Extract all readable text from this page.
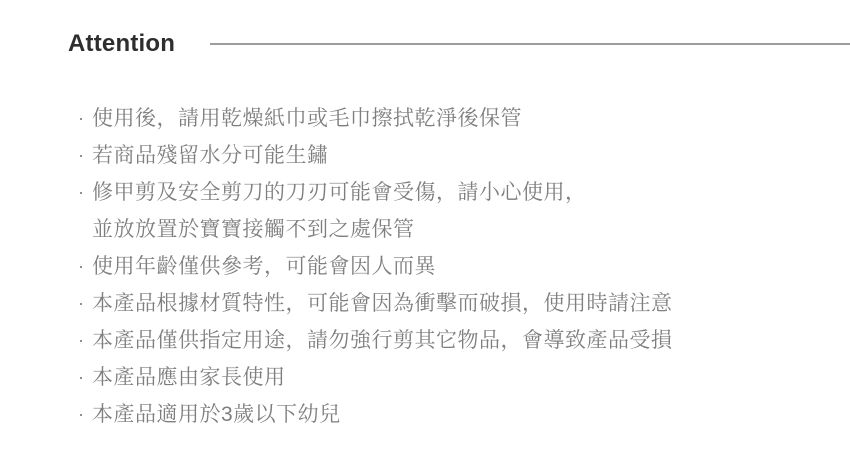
Attention
· 使用後，請用乾燥紙巾或毛巾擦拭乾淨後保管
· 若商品殘留水分可能生鏽
· 修甲剪及安全剪刀的刀刃可能會受傷，請小心使用，
並放放置於寶寶接觸不到之處保管
· 使用年齡僅供參考，可能會因人而異
· 本產品根據材質特性，可能會因為衝擊而破損，使用時請注意
· 本產品僅供指定用途，請勿強行剪其它物品，會導致產品受損
· 本產品應由家長使用
· 本產品適用於3歲以下幼兒
